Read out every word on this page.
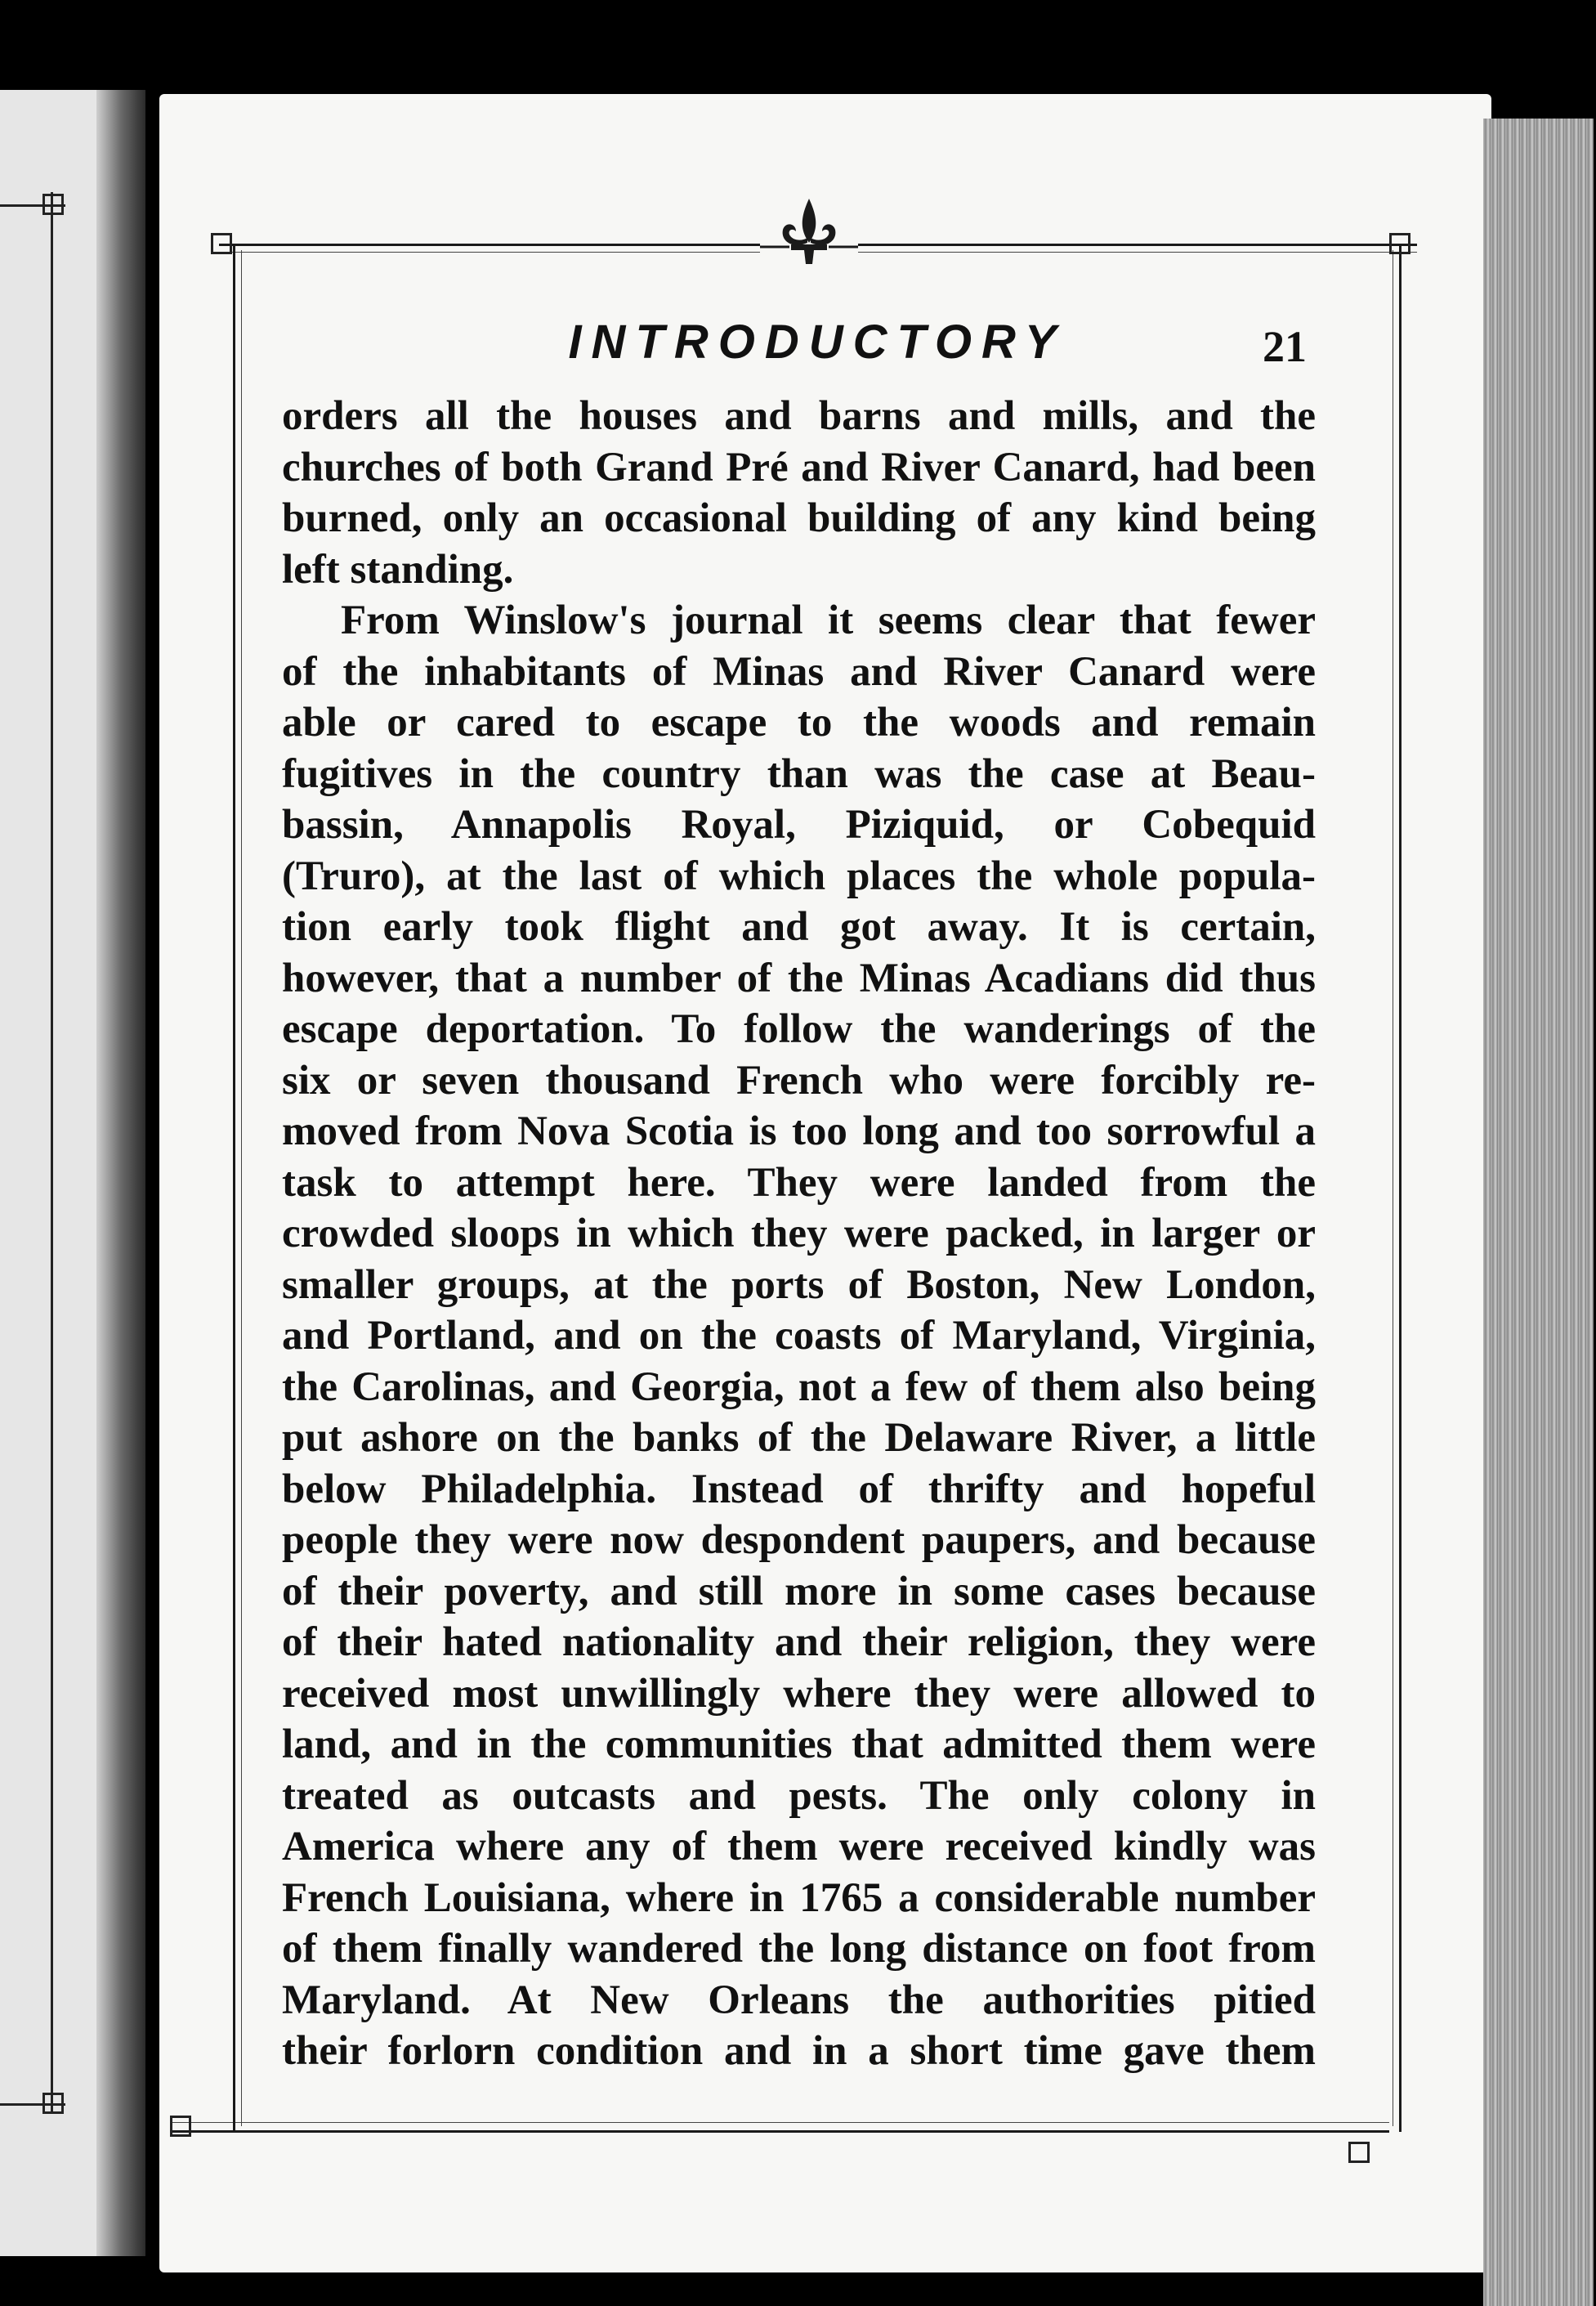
INTRODUCTORY	21
orders all the houses and barns and mills, and the
churches of both Grand Pré and River Canard, had been
burned, only an occasional building of any kind being
left standing.
From Winslow's journal it seems clear that fewer
of the inhabitants of Minas and River Canard were
able or cared to escape to the woods and remain
fugitives in the country than was the case at Beau-
bassin, Annapolis Royal, Piziquid, or Cobequid
(Truro), at the last of which places the whole popula-
tion early took flight and got away. It is certain,
however, that a number of the Minas Acadians did thus
escape deportation. To follow the wanderings of the
six or seven thousand French who were forcibly re-
moved from Nova Scotia is too long and too sorrowful a
task to attempt here. They were landed from the
crowded sloops in which they were packed, in larger or
smaller groups, at the ports of Boston, New London,
and Portland, and on the coasts of Maryland, Virginia,
the Carolinas, and Georgia, not a few of them also being
put ashore on the banks of the Delaware River, a little
below Philadelphia. Instead of thrifty and hopeful
people they were now despondent paupers, and because
of their poverty, and still more in some cases because
of their hated nationality and their religion, they were
received most unwillingly where they were allowed to
land, and in the communities that admitted them were
treated as outcasts and pests. The only colony in
America where any of them were received kindly was
French Louisiana, where in 1765 a considerable number
of them finally wandered the long distance on foot from
Maryland. At New Orleans the authorities pitied
their forlorn condition and in a short time gave them
